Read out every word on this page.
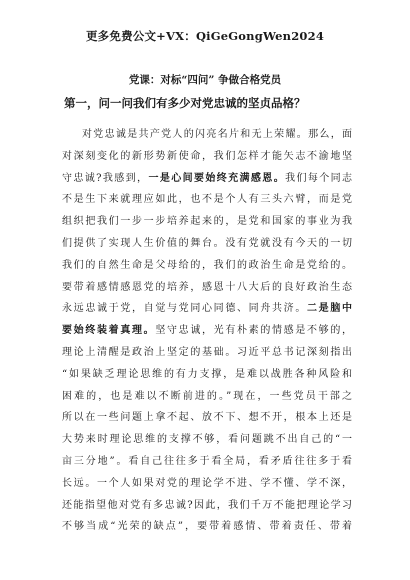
更多免费公文+VX：QiGeGongWen2024
党课：对标“四问” 争做合格党员
第一，问一问我们有多少对党忠诚的坚贞品格？
对党忠诚是共产党人的闪亮名片和无上荣耀。那么，面
对深刻变化的新形势新使命，我们怎样才能矢志不渝地坚
守忠诚?我感到，一是心间要始终充满感恩。我们每个同志
不是生下来就理应如此，也不是个人有三头六臂，而是党
组织把我们一步一步培养起来的，是党和国家的事业为我
们提供了实现人生价值的舞台。没有党就没有今天的一切
我们的自然生命是父母给的，我们的政治生命是党给的。
要带着感情感恩党的培养，感恩十八大后的良好政治生态
永远忠诚于党，自觉与党同心同德、同舟共济。二是脑中
要始终装着真理。坚守忠诚，光有朴素的情感是不够的，
理论上清醒是政治上坚定的基础。习近平总书记深刻指出
“如果缺乏理论思维的有力支撑，是难以战胜各种风险和
困难的，也是难以不断前进的。”现在，一些党员干部之
所以在一些问题上拿不起、放不下、想不开，根本上还是
大势来时理论思维的支撑不够，看问题跳不出自己的“一
亩三分地”。看自己往往多于看全局，看矛盾往往多于看
长远。一个人如果对党的理论学不进、学不懂、学不深，
还能指望他对党有多忠诚?因此，我们千万不能把理论学习
不够当成“光荣的缺点”，要带着感情、带着责任、带着
